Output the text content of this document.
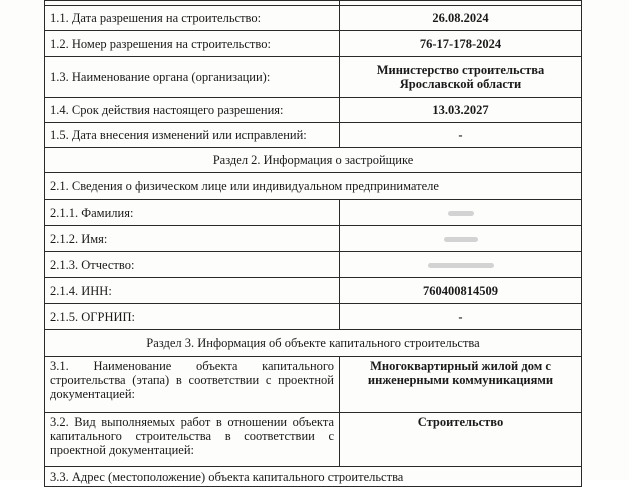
1.1. Дата разрешения на строительство:	26.08.2024
1.2. Номер разрешения на строительство:	76-17-178-2024
1.3. Наименование органа (организации):	Министерство строительства Ярославской области
1.4. Срок действия настоящего разрешения:	13.03.2027
1.5. Дата внесения изменений или исправлений:	-
Раздел 2. Информация о застройщике	
2.1. Сведения о физическом лице или индивидуальном предпринимателе	
2.1.1. Фамилия:	
2.1.2. Имя:	
2.1.3. Отчество:	
2.1.4. ИНН:	760400814509
2.1.5. ОГРНИП:	-
Раздел 3. Информация об объекте капитального строительства	
3.1. Наименование объекта капитального строительства (этапа) в соответствии с проектной документацией:	Многоквартирный жилой дом с инженерными коммуникациями
3.2. Вид выполняемых работ в отношении объекта капитального строительства в соответствии с проектной документацией:	Строительство
3.3. Адрес (местоположение) объекта капитального строительства	
